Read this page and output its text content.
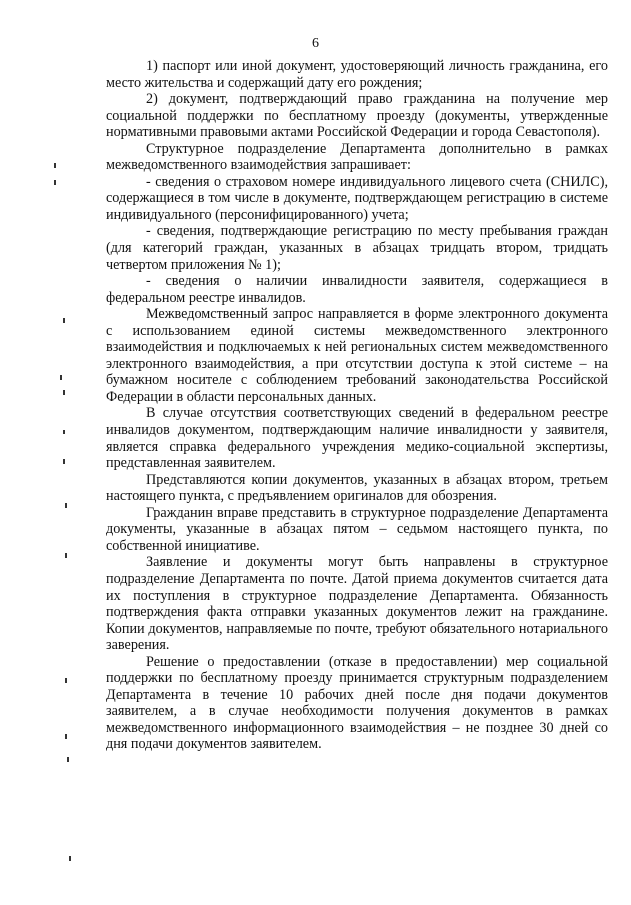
6

1) паспорт или иной документ, удостоверяющий личность гражданина, его место жительства и содержащий дату его рождения;

2) документ, подтверждающий право гражданина на получение мер социальной поддержки по бесплатному проезду (документы, утвержденные нормативными правовыми актами Российской Федерации и города Севастополя).

Структурное подразделение Департамента дополнительно в рамках межведомственного взаимодействия запрашивает:

- сведения о страховом номере индивидуального лицевого счета (СНИЛС), содержащиеся в том числе в документе, подтверждающем регистрацию в системе индивидуального (персонифицированного) учета;

- сведения, подтверждающие регистрацию по месту пребывания граждан (для категорий граждан, указанных в абзацах тридцать втором, тридцать четвертом приложения № 1);

- сведения о наличии инвалидности заявителя, содержащиеся в федеральном реестре инвалидов.

Межведомственный запрос направляется в форме электронного документа с использованием единой системы межведомственного электронного взаимодействия и подключаемых к ней региональных систем межведомственного электронного взаимодействия, а при отсутствии доступа к этой системе – на бумажном носителе с соблюдением требований законодательства Российской Федерации в области персональных данных.

В случае отсутствия соответствующих сведений в федеральном реестре инвалидов документом, подтверждающим наличие инвалидности у заявителя, является справка федерального учреждения медико-социальной экспертизы, представленная заявителем.

Представляются копии документов, указанных в абзацах втором, третьем настоящего пункта, с предъявлением оригиналов для обозрения.

Гражданин вправе представить в структурное подразделение Департамента документы, указанные в абзацах пятом – седьмом настоящего пункта, по собственной инициативе.

Заявление и документы могут быть направлены в структурное подразделение Департамента по почте. Датой приема документов считается дата их поступления в структурное подразделение Департамента. Обязанность подтверждения факта отправки указанных документов лежит на гражданине. Копии документов, направляемые по почте, требуют обязательного нотариального заверения.

Решение о предоставлении (отказе в предоставлении) мер социальной поддержки по бесплатному проезду принимается структурным подразделением Департамента в течение 10 рабочих дней после дня подачи документов заявителем, а в случае необходимости получения документов в рамках межведомственного информационного взаимодействия – не позднее 30 дней со дня подачи документов заявителем.
